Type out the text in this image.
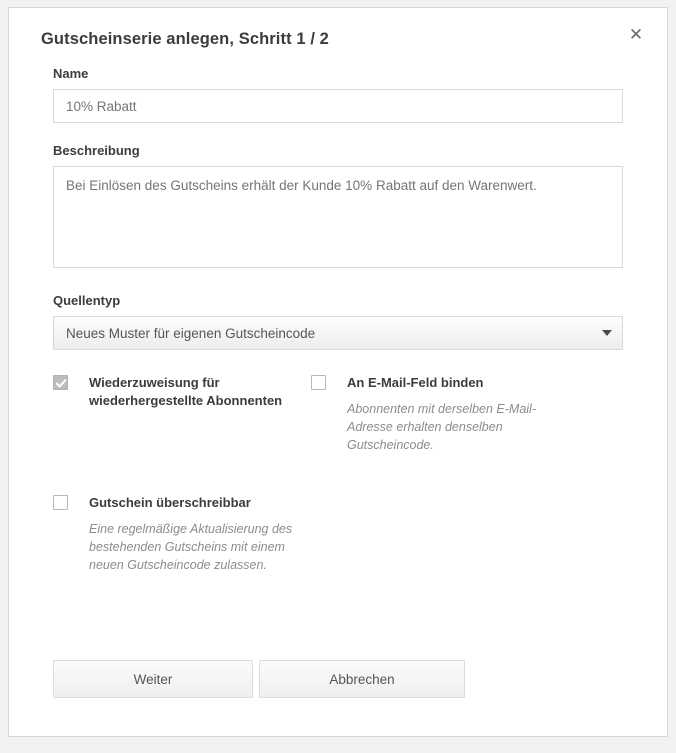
Gutscheinserie anlegen, Schritt 1 / 2	✕
Name
10% Rabatt
Beschreibung
Bei Einlösen des Gutscheins erhält der Kunde 10% Rabatt auf den Warenwert.
Quellentyp
Neues Muster für eigenen Gutscheincode
Wiederzuweisung für wiederhergestellte Abonnenten
An E-Mail-Feld binden
Abonnenten mit derselben E-Mail-Adresse erhalten denselben Gutscheincode.
Gutschein überschreibbar
Eine regelmäßige Aktualisierung des bestehenden Gutscheins mit einem neuen Gutscheincode zulassen.
Weiter	Abbrechen
